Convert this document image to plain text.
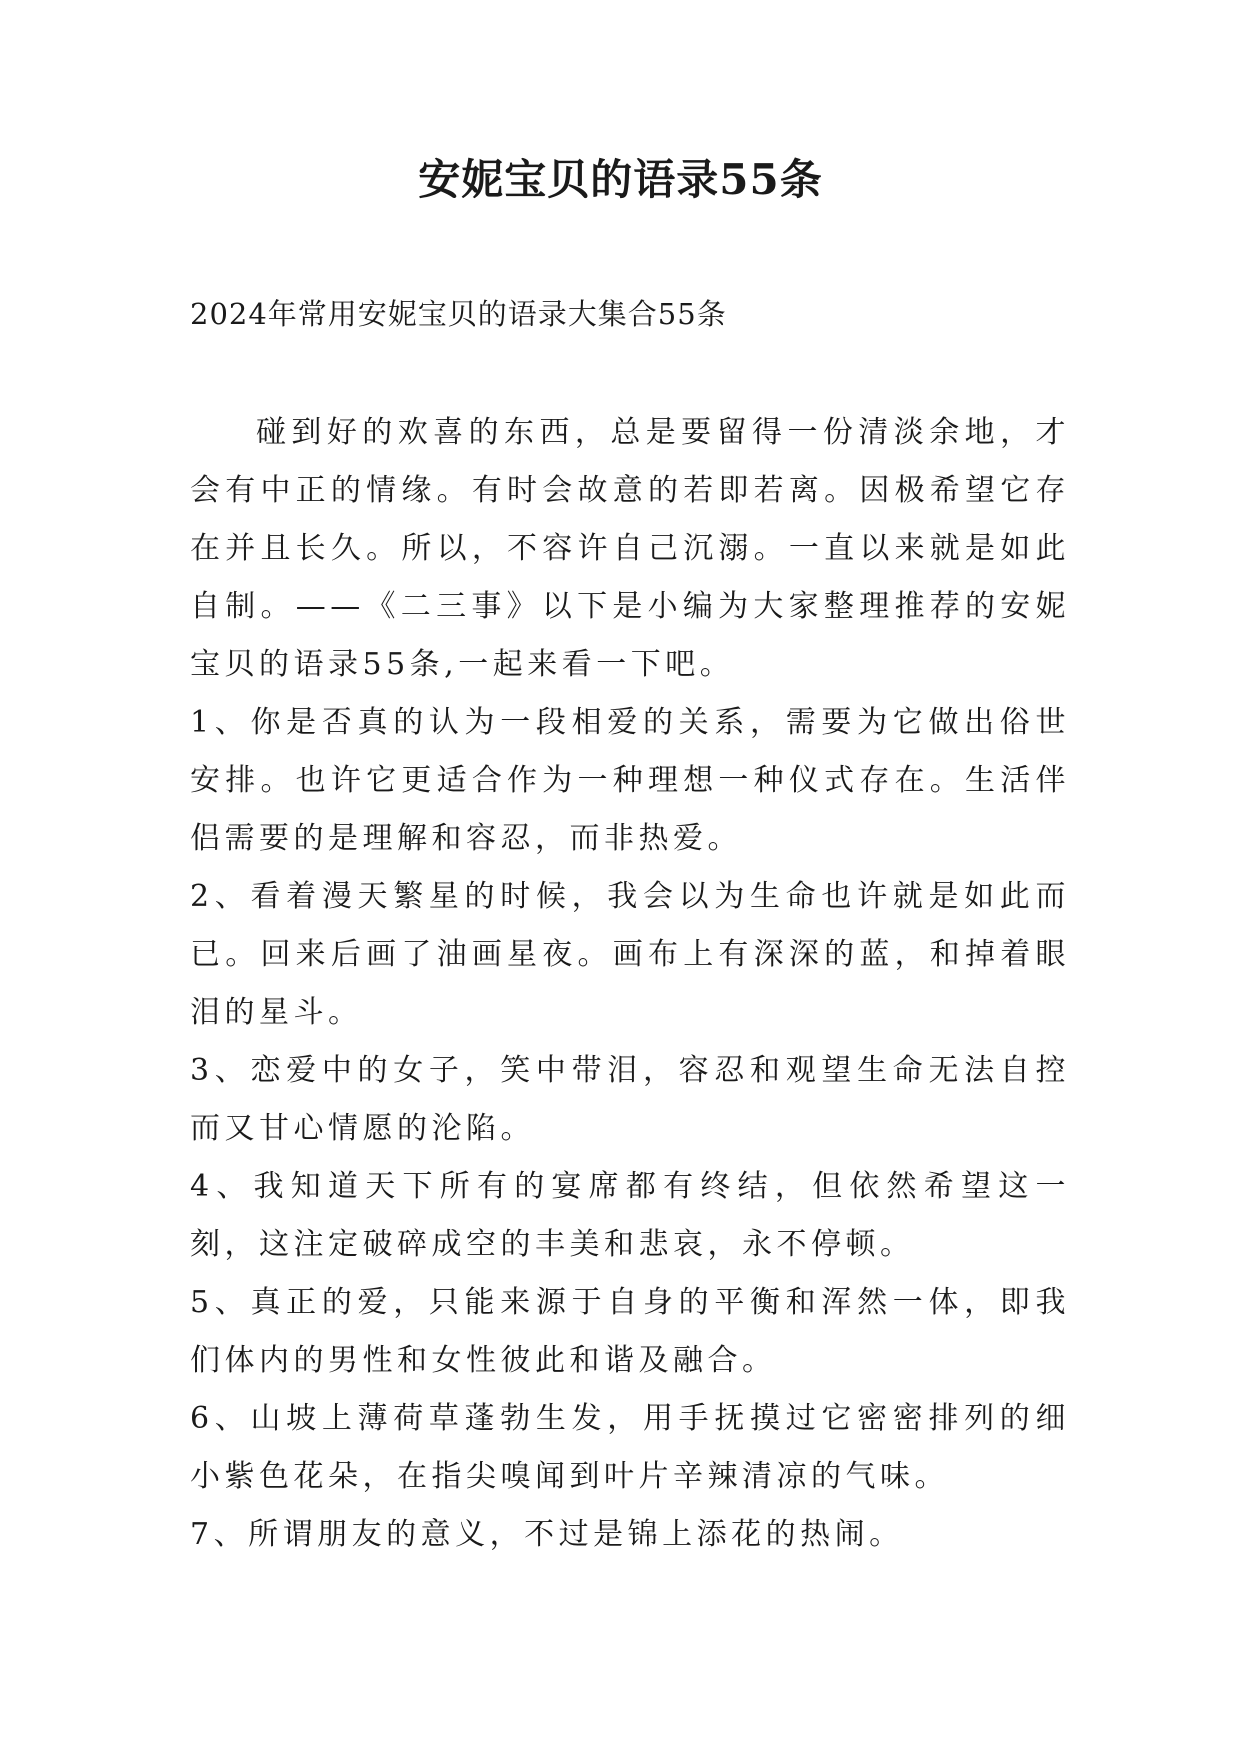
安妮宝贝的语录55条
2024年常用安妮宝贝的语录大集合55条

碰到好的欢喜的东西，总是要留得一份清淡余地，才会有中正的情缘。有时会故意的若即若离。因极希望它存在并且长久。所以，不容许自己沉溺。一直以来就是如此自制。——《二三事》以下是小编为大家整理推荐的安妮宝贝的语录55条,一起来看一下吧。

1、你是否真的认为一段相爱的关系，需要为它做出俗世安排。也许它更适合作为一种理想一种仪式存在。生活伴侣需要的是理解和容忍，而非热爱。

2、看着漫天繁星的时候，我会以为生命也许就是如此而已。回来后画了油画星夜。画布上有深深的蓝，和掉着眼泪的星斗。

3、恋爱中的女子，笑中带泪，容忍和观望生命无法自控而又甘心情愿的沦陷。

4、我知道天下所有的宴席都有终结，但依然希望这一刻，这注定破碎成空的丰美和悲哀，永不停顿。

5、真正的爱，只能来源于自身的平衡和浑然一体，即我们体内的男性和女性彼此和谐及融合。

6、山坡上薄荷草蓬勃生发，用手抚摸过它密密排列的细小紫色花朵，在指尖嗅闻到叶片辛辣清凉的气味。

7、所谓朋友的意义，不过是锦上添花的热闹。
